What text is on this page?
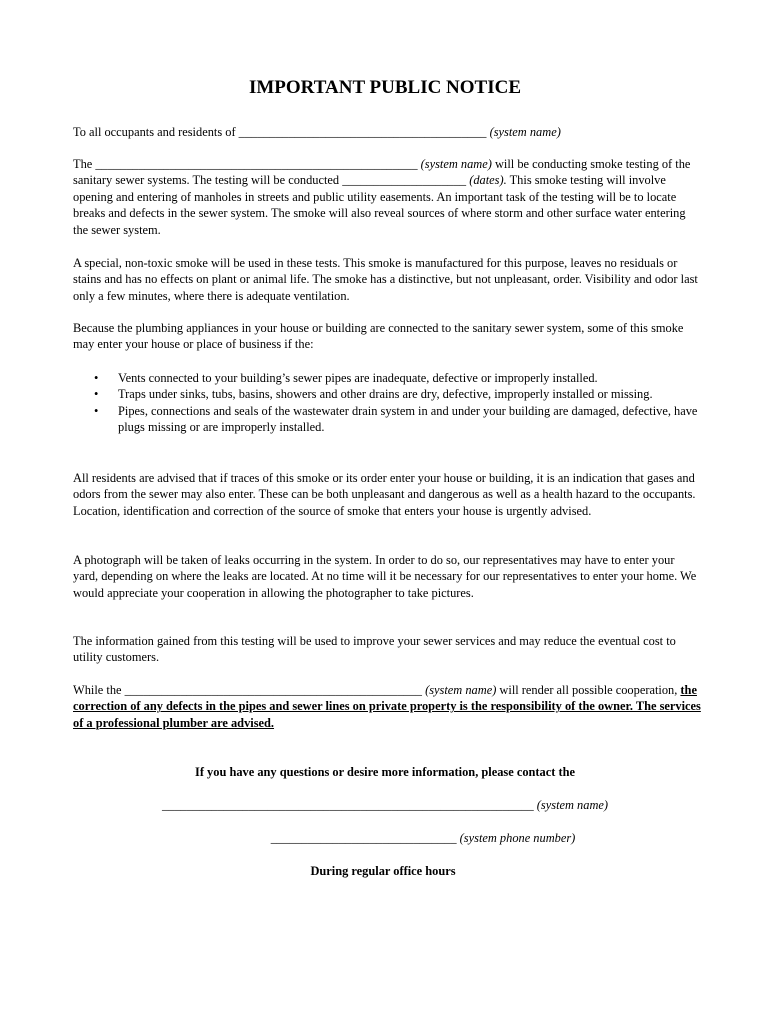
IMPORTANT PUBLIC NOTICE

To all occupants and residents of ________________________________________ (system name)

The ____________________________________________________ (system name) will be conducting smoke testing of the sanitary sewer systems. The testing will be conducted ____________________ (dates). This smoke testing will involve opening and entering of manholes in streets and public utility easements. An important task of the testing will be to locate breaks and defects in the sewer system. The smoke will also reveal sources of where storm and other surface water entering the sewer system.

A special, non-toxic smoke will be used in these tests. This smoke is manufactured for this purpose, leaves no residuals or stains and has no effects on plant or animal life. The smoke has a distinctive, but not unpleasant, order. Visibility and odor last only a few minutes, where there is adequate ventilation.

Because the plumbing appliances in your house or building are connected to the sanitary sewer system, some of this smoke may enter your house or place of business if the:

• Vents connected to your building’s sewer pipes are inadequate, defective or improperly installed.
• Traps under sinks, tubs, basins, showers and other drains are dry, defective, improperly installed or missing.
• Pipes, connections and seals of the wastewater drain system in and under your building are damaged, defective, have plugs missing or are improperly installed.

All residents are advised that if traces of this smoke or its order enter your house or building, it is an indication that gases and odors from the sewer may also enter. These can be both unpleasant and dangerous as well as a health hazard to the occupants. Location, identification and correction of the source of smoke that enters your house is urgently advised.

A photograph will be taken of leaks occurring in the system. In order to do so, our representatives may have to enter your yard, depending on where the leaks are located. At no time will it be necessary for our representatives to enter your home. We would appreciate your cooperation in allowing the photographer to take pictures.

The information gained from this testing will be used to improve your sewer services and may reduce the eventual cost to utility customers.

While the ________________________________________________ (system name) will render all possible cooperation, the correction of any defects in the pipes and sewer lines on private property is the responsibility of the owner. The services of a professional plumber are advised.

If you have any questions or desire more information, please contact the
____________________________________________________________ (system name)
______________________________ (system phone number)
During regular office hours
